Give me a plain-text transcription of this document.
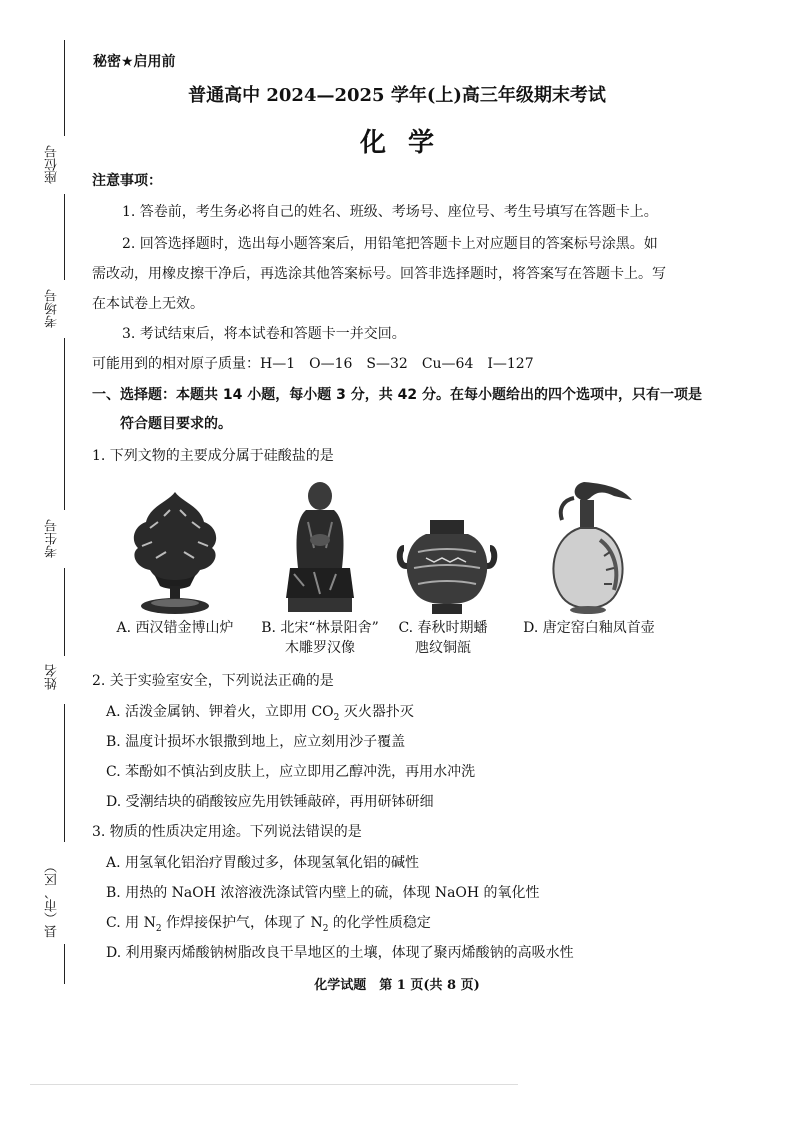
座位号
考场号
考生号
姓名
县（市、区）
秘密★启用前
普通高中 2024—2025 学年(上)高三年级期末考试
化学
注意事项：
1. 答卷前，考生务必将自己的姓名、班级、考场号、座位号、考生号填写在答题卡上。
2. 回答选择题时，选出每小题答案后，用铅笔把答题卡上对应题目的答案标号涂黑。如
需改动，用橡皮擦干净后，再选涂其他答案标号。回答非选择题时，将答案写在答题卡上。写
在本试卷上无效。
3. 考试结束后，将本试卷和答题卡一并交回。
可能用到的相对原子质量：H—1　O—16　S—32　Cu—64　I—127
一、选择题：本题共 14 小题，每小题 3 分，共 42 分。在每小题给出的四个选项中，只有一项是
符合题目要求的。
1. 下列文物的主要成分属于硅酸盐的是
A. 西汉错金博山炉	B. 北宋“林景阳舍”
木雕罗汉像
C. 春秋时期蟠
虺纹铜瓿
D. 唐定窑白釉凤首壶
2. 关于实验室安全，下列说法正确的是
A. 活泼金属钠、钾着火，立即用 $CO_2$ 灭火器扑灭
B. 温度计损坏水银撒到地上，应立刻用沙子覆盖
C. 苯酚如不慎沾到皮肤上，应立即用乙醇冲洗，再用水冲洗
D. 受潮结块的硝酸铵应先用铁锤敲碎，再用研钵研细
3. 物质的性质决定用途。下列说法错误的是
A. 用氢氧化铝治疗胃酸过多，体现氢氧化铝的碱性
B. 用热的 NaOH 浓溶液洗涤试管内壁上的硫，体现 NaOH 的氧化性
C. 用 $N_2$ 作焊接保护气，体现了 $N_2$ 的化学性质稳定
D. 利用聚丙烯酸钠树脂改良干旱地区的土壤，体现了聚丙烯酸钠的高吸水性
化学试题　第 1 页(共 8 页)
